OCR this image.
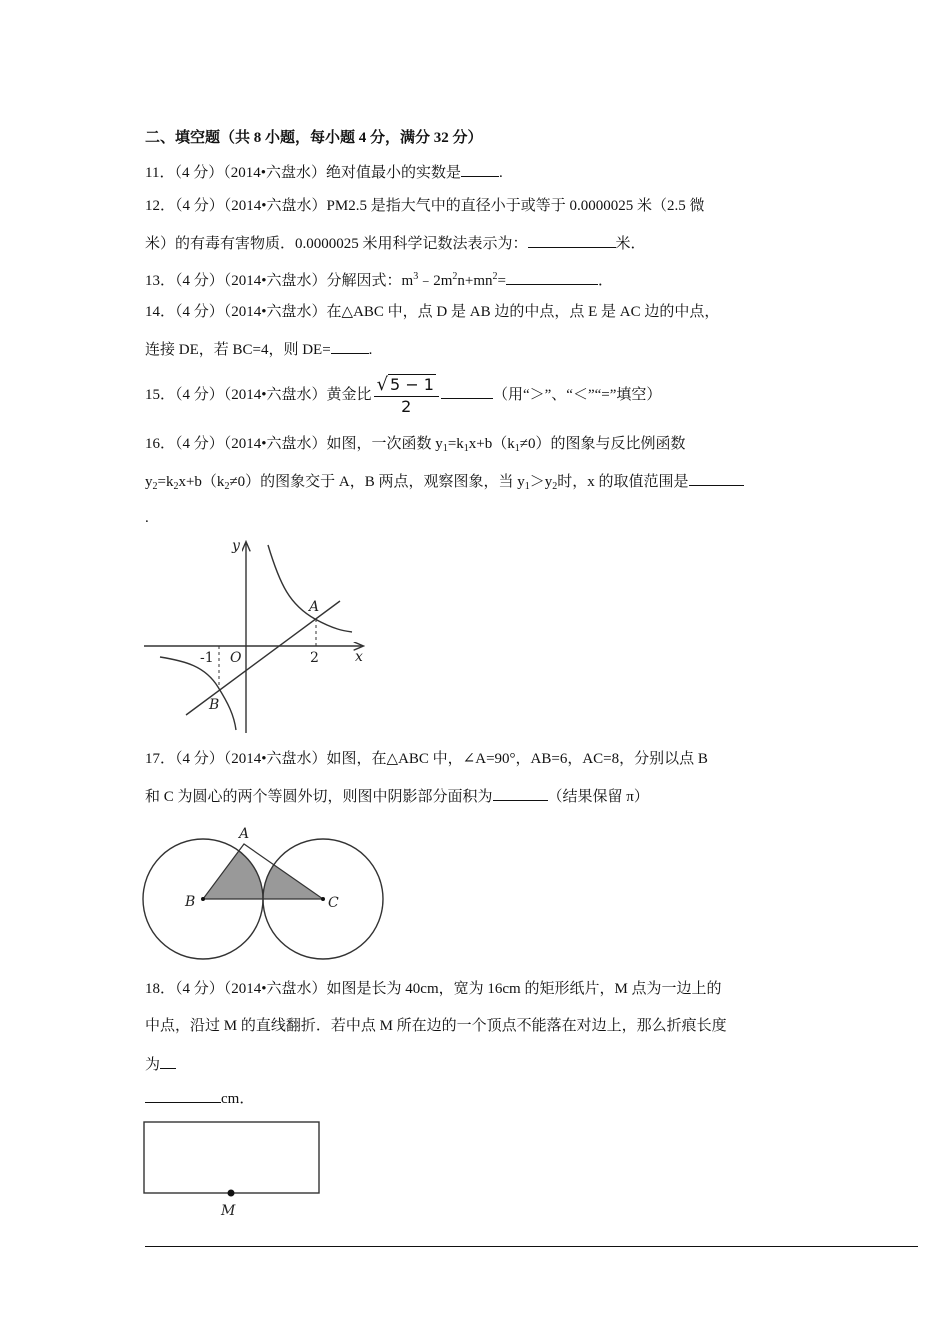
二、填空题（共 8 小题，每小题 4 分，满分 32 分）
11．（4 分）（2014•六盘水）绝对值最小的实数是	.
12．（4 分）（2014•六盘水）PM2.5 是指大气中的直径小于或等于 0.0000025 米（2.5 微
米）的有毒有害物质．0.0000025 米用科学记数法表示为：	米．
13．（4 分）（2014•六盘水）分解因式：$m^3﹣2m^2n+mn^2=$	．
14．（4 分）（2014•六盘水）在△ABC 中，点 D 是 AB 边的中点，点 E 是 AC 边的中点，
连接 DE，若 BC=4，则 DE=	.
15．（4 分）（2014•六盘水）黄金比 $\frac{√ 5 - 1}{2}$	（用“＞”、“＜”“=”填空）
16．（4 分）（2014•六盘水）如图，一次函数 $y_1=k_1x+b(k_1\ne 0)$的图象与反比例函数
$y_2=k_2x+b(k_2\ne 0)$的图象交于 A，B 两点，观察图象，当 $y_1>y_2$时，x 的取值范围是
.
y
x
O
-1	2
A
B
17．（4 分）（2014•六盘水）如图，在△ABC 中，∠A=90°，AB=6，AC=8，分别以点 B
和 C 为圆心的两个等圆外切，则图中阴影部分面积为	（结果保留 π）
A
B	C
18．（4 分）（2014•六盘水）如图是长为 40cm，宽为 16cm 的矩形纸片，M 点为一边上的
中点，沿过 M 的直线翻折．若中点 M 所在边的一个顶点不能落在对边上，那么折痕长度
为
cm．
M
